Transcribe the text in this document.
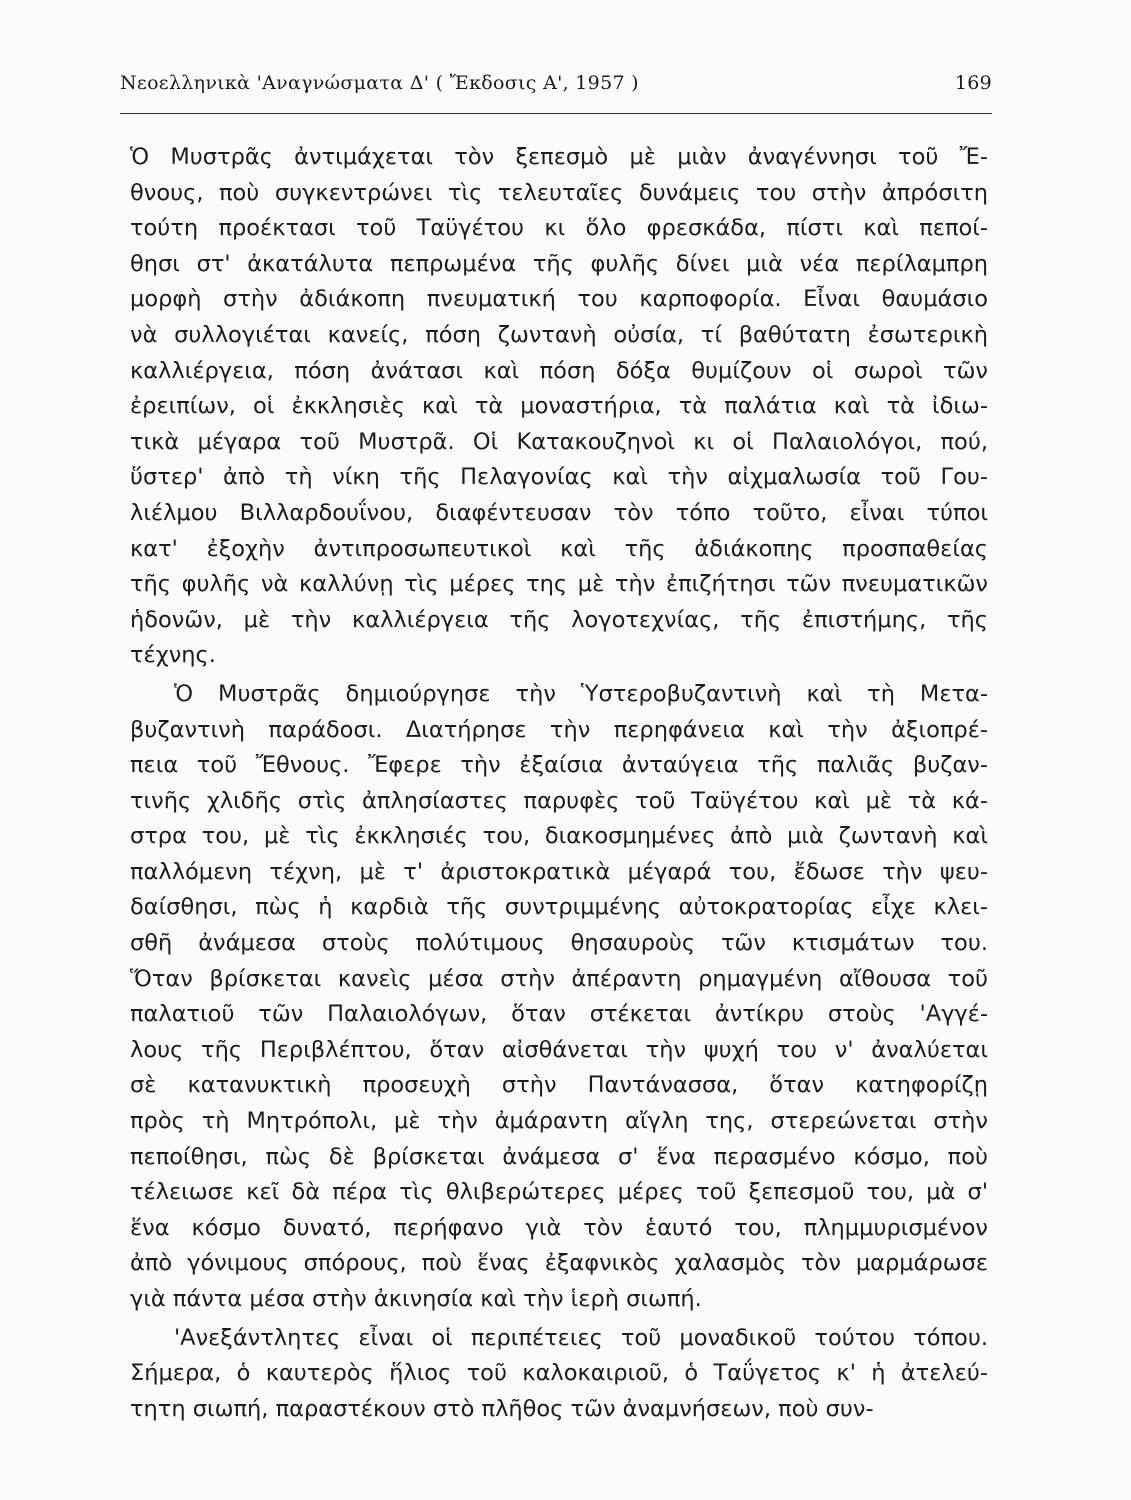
Νεοελληνικὰ 'Αναγνώσματα Δ' ( Ἔκδοσις Α', 1957 )	169
Ὁ Μυστρᾶς ἀντιμάχεται τὸν ξεπεσμὸ μὲ μιὰν ἀναγέννησι τοῦ Ἔ-
θνους, ποὺ συγκεντρώνει τὶς τελευταῖες δυνάμεις του στὴν ἀπρόσιτη
τούτη προέκτασι τοῦ Ταϋγέτου κι ὅλο φρεσκάδα, πίστι καὶ πεποί-
θησι στ' ἀκατάλυτα πεπρωμένα τῆς φυλῆς δίνει μιὰ νέα περίλαμπρη
μορφὴ στὴν ἀδιάκοπη πνευματική του καρποφορία. Εἶναι θαυμάσιο
νὰ συλλογιέται κανείς, πόση ζωντανὴ οὐσία, τί βαθύτατη ἐσωτερικὴ
καλλιέργεια, πόση ἀνάτασι καὶ πόση δόξα θυμίζουν οἱ σωροὶ τῶν
ἐρειπίων, οἱ ἐκκλησιὲς καὶ τὰ μοναστήρια, τὰ παλάτια καὶ τὰ ἰδιω-
τικὰ μέγαρα τοῦ Μυστρᾶ. Οἱ Κατακουζηνοὶ κι οἱ Παλαιολόγοι, πού,
ὕστερ' ἀπὸ τὴ νίκη τῆς Πελαγονίας καὶ τὴν αἰχμαλωσία τοῦ Γου-
λιέλμου Βιλλαρδουΐνου, διαφέντευσαν τὸν τόπο τοῦτο, εἶναι τύποι
κατ' ἐξοχὴν ἀντιπροσωπευτικοὶ καὶ τῆς ἀδιάκοπης προσπαθείας
τῆς φυλῆς νὰ καλλύνῃ τὶς μέρες της μὲ τὴν ἐπιζήτησι τῶν πνευματικῶν
ἡδονῶν, μὲ τὴν καλλιέργεια τῆς λογοτεχνίας, τῆς ἐπιστήμης, τῆς
τέχνης.
Ὁ Μυστρᾶς δημιούργησε τὴν Ὑστεροβυζαντινὴ καὶ τὴ Μετα-
βυζαντινὴ παράδοσι. Διατήρησε τὴν περηφάνεια καὶ τὴν ἀξιοπρέ-
πεια τοῦ Ἔθνους. Ἔφερε τὴν ἐξαίσια ἀνταύγεια τῆς παλιᾶς βυζαν-
τινῆς χλιδῆς στὶς ἀπλησίαστες παρυφὲς τοῦ Ταϋγέτου καὶ μὲ τὰ κά-
στρα του, μὲ τὶς ἐκκλησιές του, διακοσμημένες ἀπὸ μιὰ ζωντανὴ καὶ
παλλόμενη τέχνη, μὲ τ' ἀριστοκρατικὰ μέγαρά του, ἔδωσε τὴν ψευ-
δαίσθησι, πὼς ἡ καρδιὰ τῆς συντριμμένης αὐτοκρατορίας εἶχε κλει-
σθῆ ἀνάμεσα στοὺς πολύτιμους θησαυροὺς τῶν κτισμάτων του.
Ὅταν βρίσκεται κανεὶς μέσα στὴν ἀπέραντη ρημαγμένη αἴθουσα τοῦ
παλατιοῦ τῶν Παλαιολόγων, ὅταν στέκεται ἀντίκρυ στοὺς 'Αγγέ-
λους τῆς Περιβλέπτου, ὅταν αἰσθάνεται τὴν ψυχή του ν' ἀναλύεται
σὲ κατανυκτικὴ προσευχὴ στὴν Παντάνασσα, ὅταν κατηφορίζῃ
πρὸς τὴ Μητρόπολι, μὲ τὴν ἀμάραντη αἴγλη της, στερεώνεται στὴν
πεποίθησι, πὼς δὲ βρίσκεται ἀνάμεσα σ' ἕνα περασμένο κόσμο, ποὺ
τέλειωσε κεῖ δὰ πέρα τὶς θλιβερώτερες μέρες τοῦ ξεπεσμοῦ του, μὰ σ'
ἕνα κόσμο δυνατό, περήφανο γιὰ τὸν ἑαυτό του, πλημμυρισμένον
ἀπὸ γόνιμους σπόρους, ποὺ ἕνας ἐξαφνικὸς χαλασμὸς τὸν μαρμάρωσε
γιὰ πάντα μέσα στὴν ἀκινησία καὶ τὴν ἱερὴ σιωπή.
'Ανεξάντλητες εἶναι οἱ περιπέτειες τοῦ μοναδικοῦ τούτου τόπου.
Σήμερα, ὁ καυτερὸς ἥλιος τοῦ καλοκαιριοῦ, ὁ Ταΰγετος κ' ἡ ἀτελεύ-
τητη σιωπή, παραστέκουν στὸ πλῆθος τῶν ἀναμνήσεων, ποὺ συν-
